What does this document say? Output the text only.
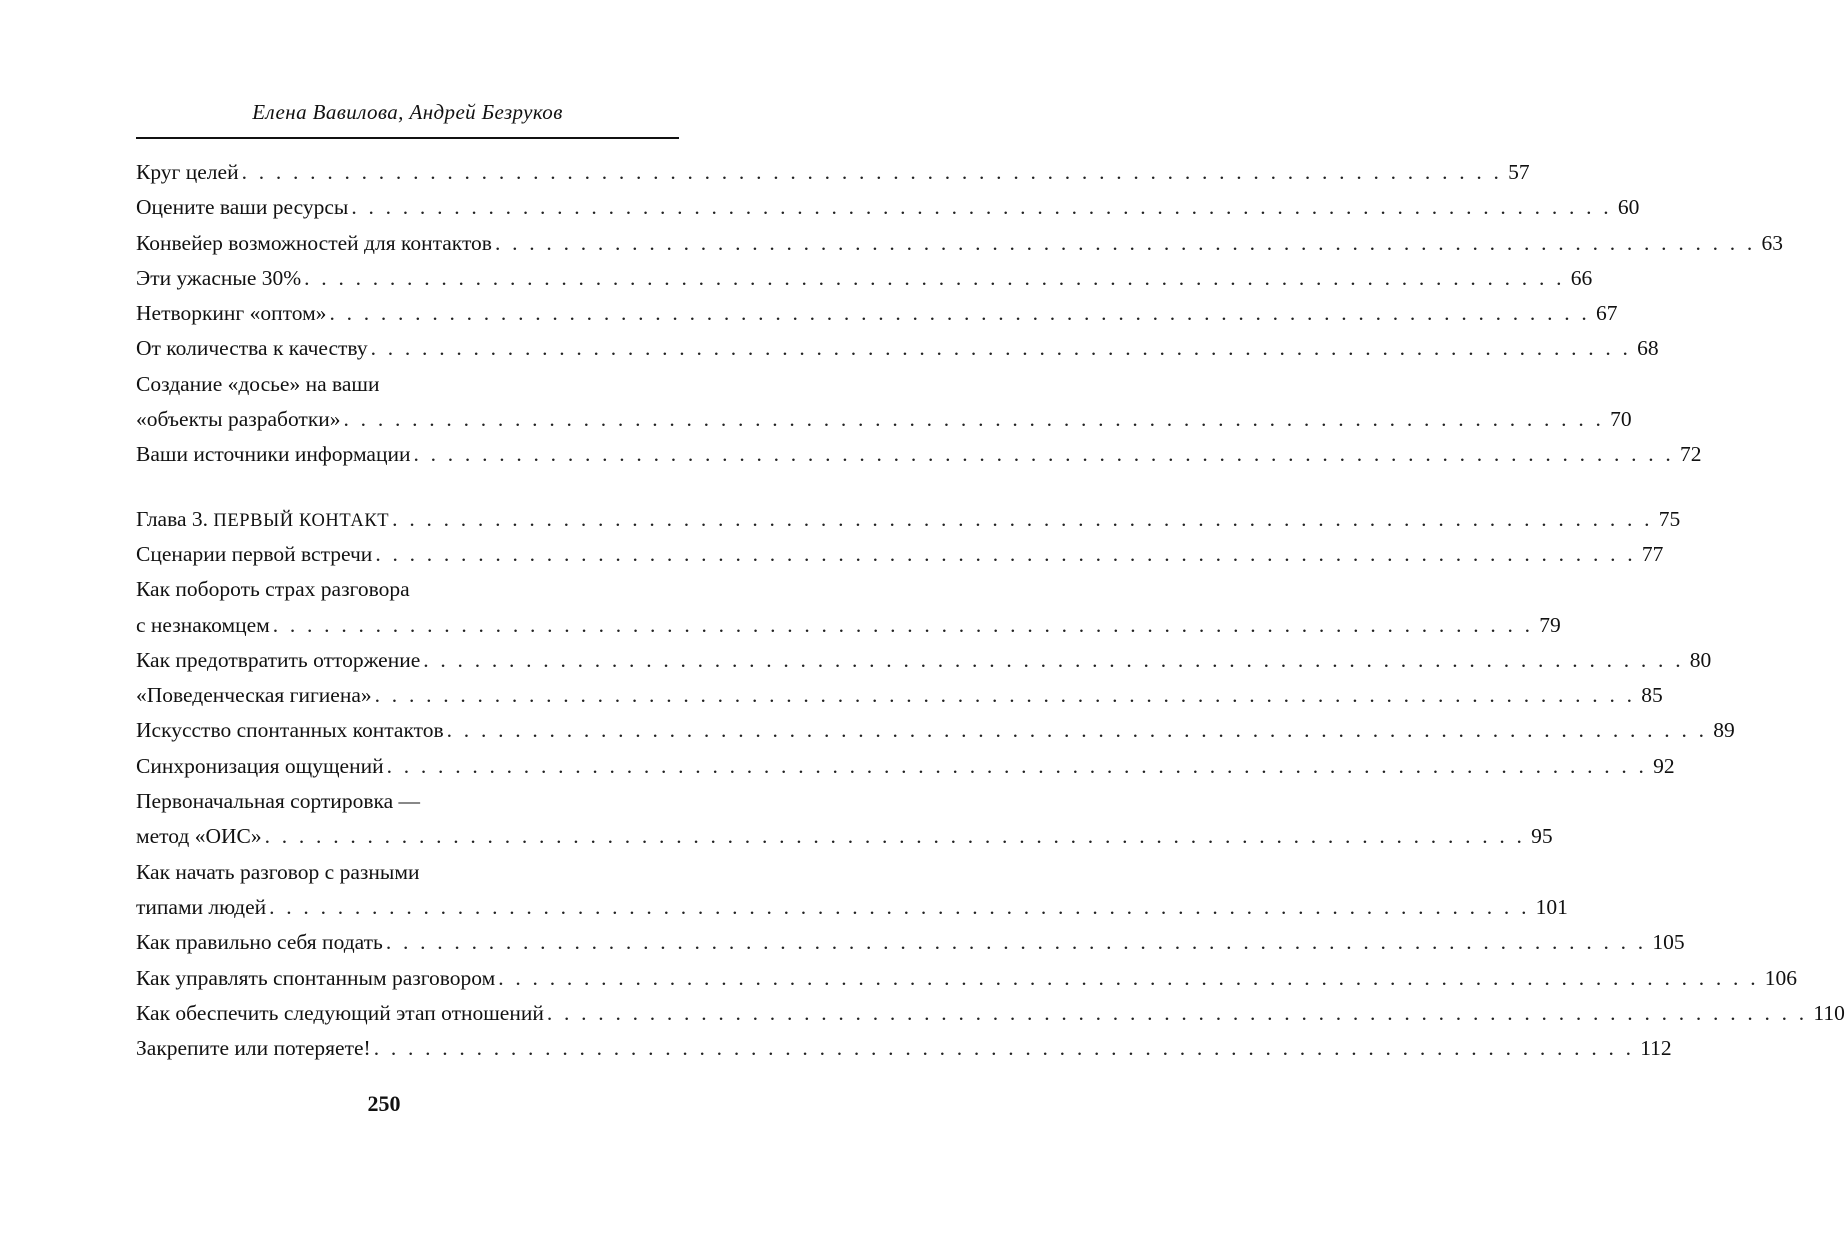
Елена Вавилова, Андрей Безруков
Круг целей . . . . . . . . . . . . . . . . . . . . . . . . . . . . . . . . . . . . . . . . . . . . . . . . . . . . . . . . . . . . . . . . . . . . . . . . . . 57
Оцените ваши ресурсы . . . . . . . . . . . . . . . . . . . . . . . . . . . . . . . . . . . . . . . . . . . . . . . . . . . . . . . . . . . . . . . . . . . . . . . . . . 60
Конвейер возможностей для контактов . . . . . . . . . . . . . . . . . . . . . . . . . . . . . . . . . . . . . . . . . . . . . . . . . . . . . . . . . . . . . . . . . . . . . . . . . . 63
Эти ужасные 30% . . . . . . . . . . . . . . . . . . . . . . . . . . . . . . . . . . . . . . . . . . . . . . . . . . . . . . . . . . . . . . . . . . . . . . . . . . 66
Нетворкинг «оптом» . . . . . . . . . . . . . . . . . . . . . . . . . . . . . . . . . . . . . . . . . . . . . . . . . . . . . . . . . . . . . . . . . . . . . . . . . . 67
От количества к качеству . . . . . . . . . . . . . . . . . . . . . . . . . . . . . . . . . . . . . . . . . . . . . . . . . . . . . . . . . . . . . . . . . . . . . . . . . . 68
Создание «досье» на ваши
«объекты разработки» . . . . . . . . . . . . . . . . . . . . . . . . . . . . . . . . . . . . . . . . . . . . . . . . . . . . . . . . . . . . . . . . . . . . . . . . . . 70
Ваши источники информации . . . . . . . . . . . . . . . . . . . . . . . . . . . . . . . . . . . . . . . . . . . . . . . . . . . . . . . . . . . . . . . . . . . . . . . . . . 72
Глава 3. ПЕРВЫЙ КОНТАКТ . . . . . . . . . . . . . . . . . . . . . . . . . . . . . . . . . . . . . . . . . . . . . . . . . . . . . . . . . . . . . . . . . . . . . . . . . . 75
Сценарии первой встречи . . . . . . . . . . . . . . . . . . . . . . . . . . . . . . . . . . . . . . . . . . . . . . . . . . . . . . . . . . . . . . . . . . . . . . . . . . 77
Как побороть страх разговора
с незнакомцем . . . . . . . . . . . . . . . . . . . . . . . . . . . . . . . . . . . . . . . . . . . . . . . . . . . . . . . . . . . . . . . . . . . . . . . . . . 79
Как предотвратить отторжение . . . . . . . . . . . . . . . . . . . . . . . . . . . . . . . . . . . . . . . . . . . . . . . . . . . . . . . . . . . . . . . . . . . . . . . . . . 80
«Поведенческая гигиена» . . . . . . . . . . . . . . . . . . . . . . . . . . . . . . . . . . . . . . . . . . . . . . . . . . . . . . . . . . . . . . . . . . . . . . . . . . 85
Искусство спонтанных контактов . . . . . . . . . . . . . . . . . . . . . . . . . . . . . . . . . . . . . . . . . . . . . . . . . . . . . . . . . . . . . . . . . . . . . . . . . . 89
Синхронизация ощущений . . . . . . . . . . . . . . . . . . . . . . . . . . . . . . . . . . . . . . . . . . . . . . . . . . . . . . . . . . . . . . . . . . . . . . . . . . 92
Первоначальная сортировка —
метод «ОИС» . . . . . . . . . . . . . . . . . . . . . . . . . . . . . . . . . . . . . . . . . . . . . . . . . . . . . . . . . . . . . . . . . . . . . . . . . . 95
Как начать разговор с разными
типами людей . . . . . . . . . . . . . . . . . . . . . . . . . . . . . . . . . . . . . . . . . . . . . . . . . . . . . . . . . . . . . . . . . . . . . . . . . . 101
Как правильно себя подать . . . . . . . . . . . . . . . . . . . . . . . . . . . . . . . . . . . . . . . . . . . . . . . . . . . . . . . . . . . . . . . . . . . . . . . . . . 105
Как управлять спонтанным разговором . . . . . . . . . . . . . . . . . . . . . . . . . . . . . . . . . . . . . . . . . . . . . . . . . . . . . . . . . . . . . . . . . . . . . . . . . . 106
Как обеспечить следующий этап отношений . . . . . . . . . . . . . . . . . . . . . . . . . . . . . . . . . . . . . . . . . . . . . . . . . . . . . . . . . . . . . . . . . . . . . . . . . . 110
Закрепите или потеряете! . . . . . . . . . . . . . . . . . . . . . . . . . . . . . . . . . . . . . . . . . . . . . . . . . . . . . . . . . . . . . . . . . . . . . . . . . . 112
250
